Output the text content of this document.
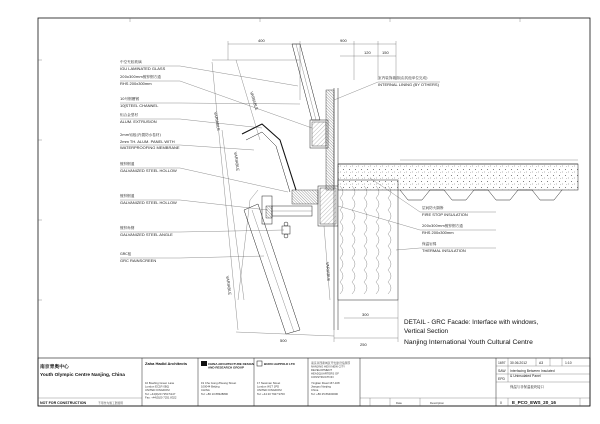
中空夹胶玻璃
IGU LAMINATED GLASS
200x300mm镀锌钢方通
RHS 200x300mm
10号钢槽钢
10[STEEL CHANNEL
铝合金型材
ALUM. EXTRUSION
2mm铝板(内置防水卷材)
2mm TH. ALUM. PANEL WITH
WATERPROOFING MEMBRANE
镀锌钢通
GALVANIZED STEEL HOLLOW
镀锌钢通
GALVANIZED STEEL HOLLOW
镀锌角钢
GALVANIZED STEEL ANGLE
GRC板
GRC RAINSCREEN
室内装饰墙面(由其他单位完成)
INTERNAL LINING (BY OTHERS)
层间防火隔断
FIRE STOP INSULATION
200x300mm镀锌钢方通
RHS 200x300mm
保温岩棉
THERMAL INSULATION
400	900
120	150
500
300
250
VARIABLE
VARIABLE
VARIABLE
VARIABLE
VARIABLE
DETAIL - GRC Facade: Interface with windows,
Vertical Section
Nanjing International Youth Cultural Centre
南京青奥中心
Youth Olympic Centre Nanjing, China
NOT FOR CONSTRUCTION	不用作为施工图使用
Zaha Hadid Architects
10 Bowling Green Lane
London EC1R 0BQ
UNITED KINGDOM
Tel: +44(0)20 7253 5147
Fax: +44(0)20 7251 8322
CHINA ARCHITECTURE DESIGN
AND RESEARCH GROUP
19 Che Gong Zhuang Street
100044 Beijing
CHINA
Tel: +86 10 88328800
BURO HAPPOLD LTD
17 Newman Street
London W1T 1PD
UNITED KINGDOM
Tel: +44 20 7927 9700
南京河西新城区开发建设指挥部
NANJING HEXI NEW CITY
DEVELOPMENT
HEADQUARTERS OF
CONSTRUCTION
Yingtian Road 167-168
Jiangsu Nanjing
China
Tel: +86 25 86400000
Date	Description
1697 30.06.2012	A3	1:10
SAW
EPD
Interfacing Between Insulated
& Uninsulated Panel
保温与非保温板块接口
0 E_PCO_EWS_20_16
